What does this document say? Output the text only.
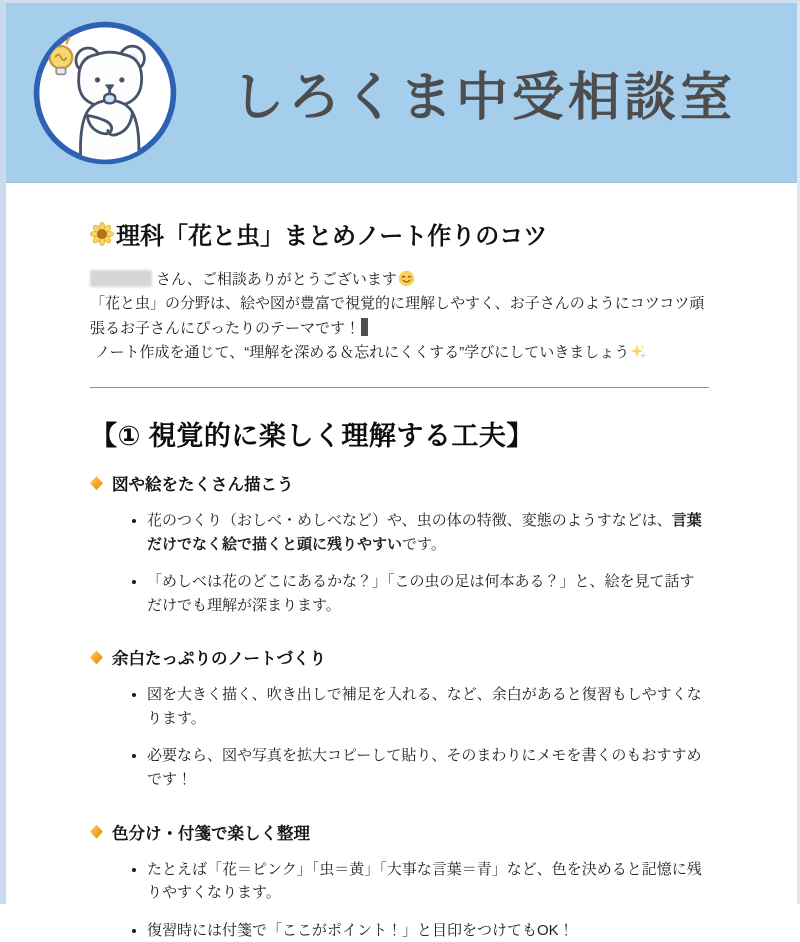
しろくま中受相談室
理科「花と虫」まとめノート作りのコツ

さん、ご相談ありがとうございます
「花と虫」の分野は、絵や図が豊富で視覚的に理解しやすく、お子さんのようにコツコツ頑張るお子さんにぴったりのテーマです！
ノート作成を通じて、“理解を深める＆忘れにくくする”学びにしていきましょう

【① 視覚的に楽しく理解する工夫】
図や絵をたくさん描こう
• 花のつくり（おしべ・めしべなど）や、虫の体の特徴、変態のようすなどは、言葉だけでなく絵で描くと頭に残りやすいです。
• 「めしべは花のどこにあるかな？」「この虫の足は何本ある？」と、絵を見て話すだけでも理解が深まります。
余白たっぷりのノートづくり
• 図を大きく描く、吹き出しで補足を入れる、など、余白があると復習もしやすくなります。
• 必要なら、図や写真を拡大コピーして貼り、そのまわりにメモを書くのもおすすめです！
色分け・付箋で楽しく整理
• たとえば「花＝ピンク」「虫＝黄」「大事な言葉＝青」など、色を決めると記憶に残りやすくなります。
• 復習時には付箋で「ここがポイント！」と目印をつけてもOK！
